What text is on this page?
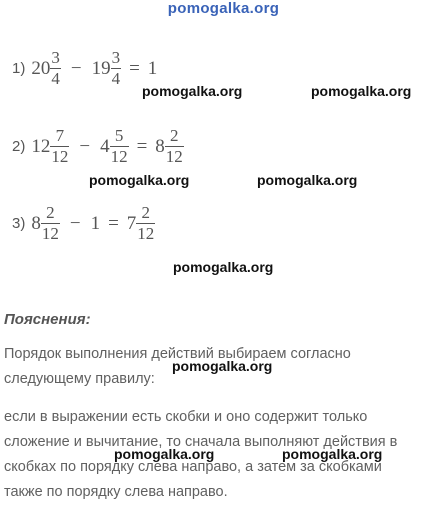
pomogalka.org
1) $20 \frac{3}{4} - 19 \frac{3}{4} = 1$
2) $12 \frac{7}{12} - 4 \frac{5}{12} = 8 \frac{2}{12}$
3) $8 \frac{2}{12} - 1 = 7 \frac{2}{12}$
pomogalka.org	pomogalka.org
pomogalka.org	pomogalka.org
pomogalka.org
pomogalka.org
pomogalka.org	pomogalka.org
Пояснения:
Порядок выполнения действий выбираем согласно
следующему правилу:
если в выражении есть скобки и оно содержит только
сложение и вычитание, то сначала выполняют действия в
скобках по порядку слева направо, а затем за скобками
также по порядку слева направо.
